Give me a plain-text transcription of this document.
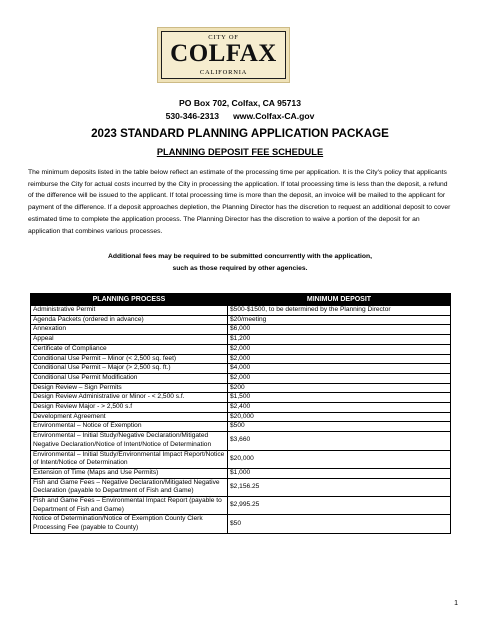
CITY OF
COLFAX
CALIFORNIA
PO Box 702, Colfax, CA 95713
530-346-2313 www.Colfax-CA.gov
2023 STANDARD PLANNING APPLICATION PACKAGE
PLANNING DEPOSIT FEE SCHEDULE
The minimum deposits listed in the table below reflect an estimate of the processing time per application. It is the City's policy that applicants reimburse the City for actual costs incurred by the City in processing the application. If total processing time is less than the deposit, a refund of the difference will be issued to the applicant. If total processing time is more than the deposit, an invoice will be mailed to the applicant for payment of the difference. If a deposit approaches depletion, the Planning Director has the discretion to request an additional deposit to cover estimated time to complete the application process. The Planning Director has the discretion to waive a portion of the deposit for an application that combines various processes.
Additional fees may be required to be submitted concurrently with the application,
such as those required by other agencies.
PLANNING PROCESS	MINIMUM DEPOSIT
Administrative Permit	$500-$1500, to be determined by the Planning Director
Agenda Packets (ordered in advance)	$20/meeting
Annexation	$6,000
Appeal	$1,200
Certificate of Compliance	$2,000
Conditional Use Permit – Minor (< 2,500 sq. feet)	$2,000
Conditional Use Permit – Major (> 2,500 sq. ft.)	$4,000
Conditional Use Permit Modification	$2,000
Design Review – Sign Permits	$200
Design Review Administrative or Minor - < 2,500 s.f.	$1,500
Design Review Major - > 2,500 s.f	$2,400
Development Agreement	$20,000
Environmental – Notice of Exemption	$500
Environmental – Initial Study/Negative Declaration/Mitigated Negative Declaration/Notice of Intent/Notice of Determination	$3,660
Environmental – Initial Study/Environmental Impact Report/Notice of Intent/Notice of Determination	$20,000
Extension of Time (Maps and Use Permits)	$1,000
Fish and Game Fees – Negative Declaration/Mitigated Negative Declaration (payable to Department of Fish and Game)	$2,156.25
Fish and Game Fees – Environmental Impact Report (payable to Department of Fish and Game)	$2,995.25
Notice of Determination/Notice of Exemption County Clerk Processing Fee (payable to County)	$50
1
